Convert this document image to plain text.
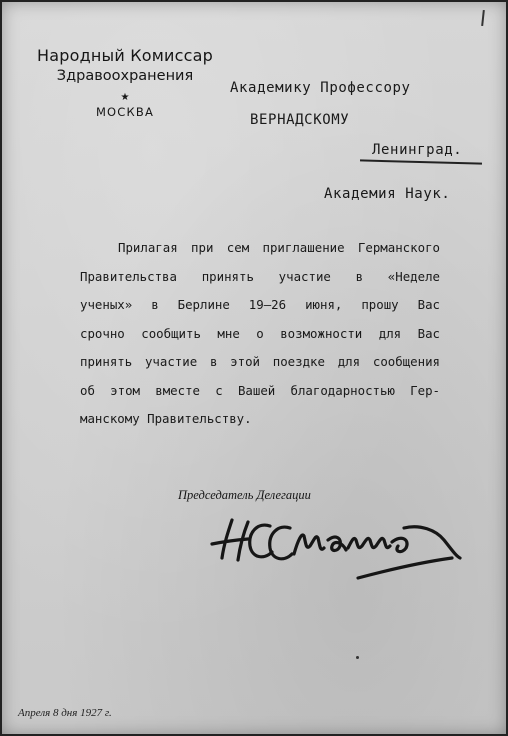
Народный Комиссар
Здравоохранения
★
МОСКВА
Академику Профессору
ВЕРНАДСКОМУ
Ленинград.
Академия Наук.
Прилагая при сем приглашение Германского
Правительства принять участие в «Неделе
ученых» в Берлине 19—26 июня, прошу Вас
срочно сообщить мне о возможности для Вас
принять участие в этой поездке для сообщения
об этом вместе с Вашей благодарностью Гер-
манскому Правительству.
Председатель Делегации
Апреля 8 дня 1927 г.
